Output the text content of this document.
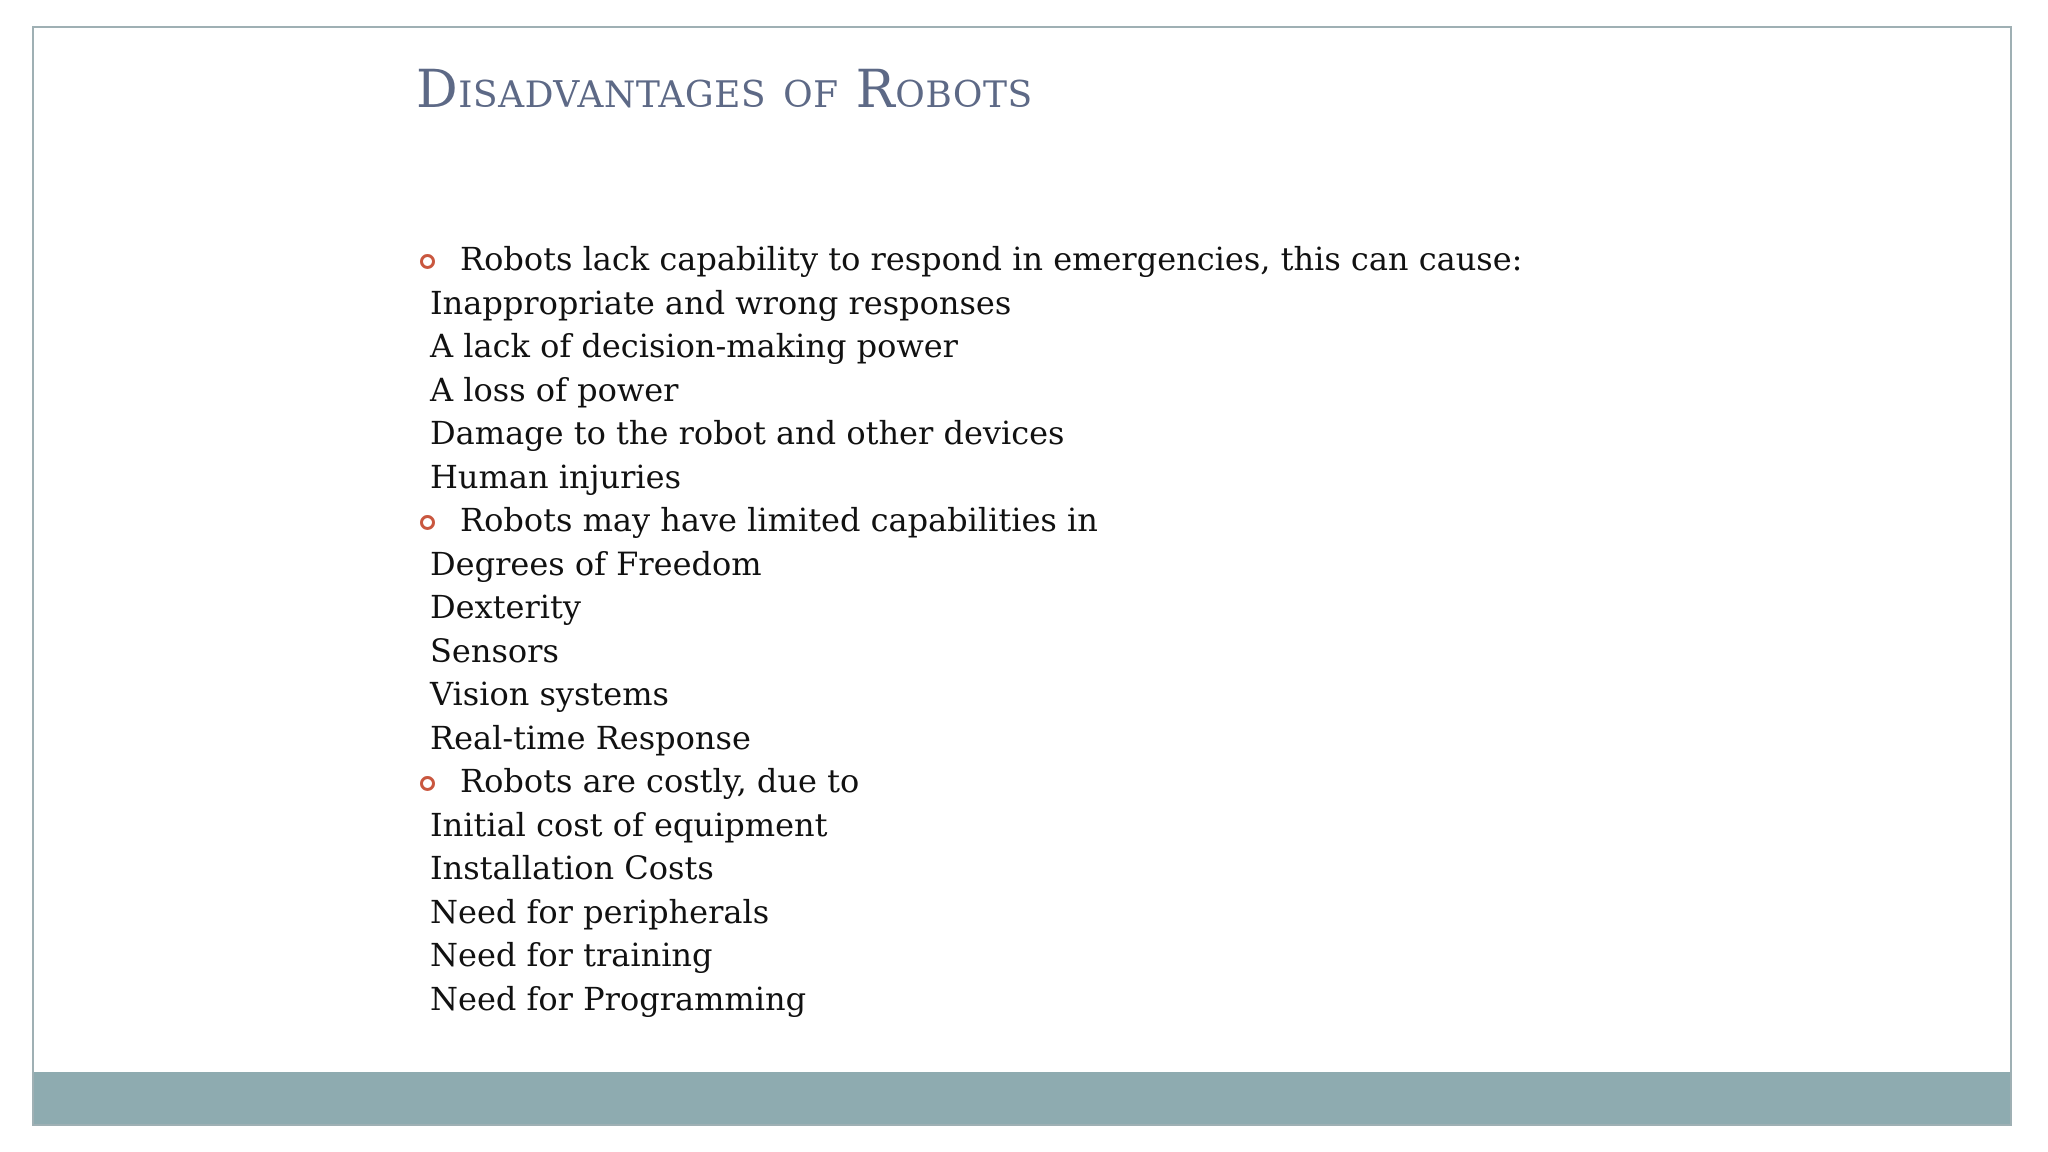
Disadvantages of Robots
Robots lack capability to respond in emergencies, this can cause:
Inappropriate and wrong responses
A lack of decision-making power
A loss of power
Damage to the robot and other devices
Human injuries
Robots may have limited capabilities in
Degrees of Freedom
Dexterity
Sensors
Vision systems
Real-time Response
Robots are costly, due to
Initial cost of equipment
Installation Costs
Need for peripherals
Need for training
Need for Programming
